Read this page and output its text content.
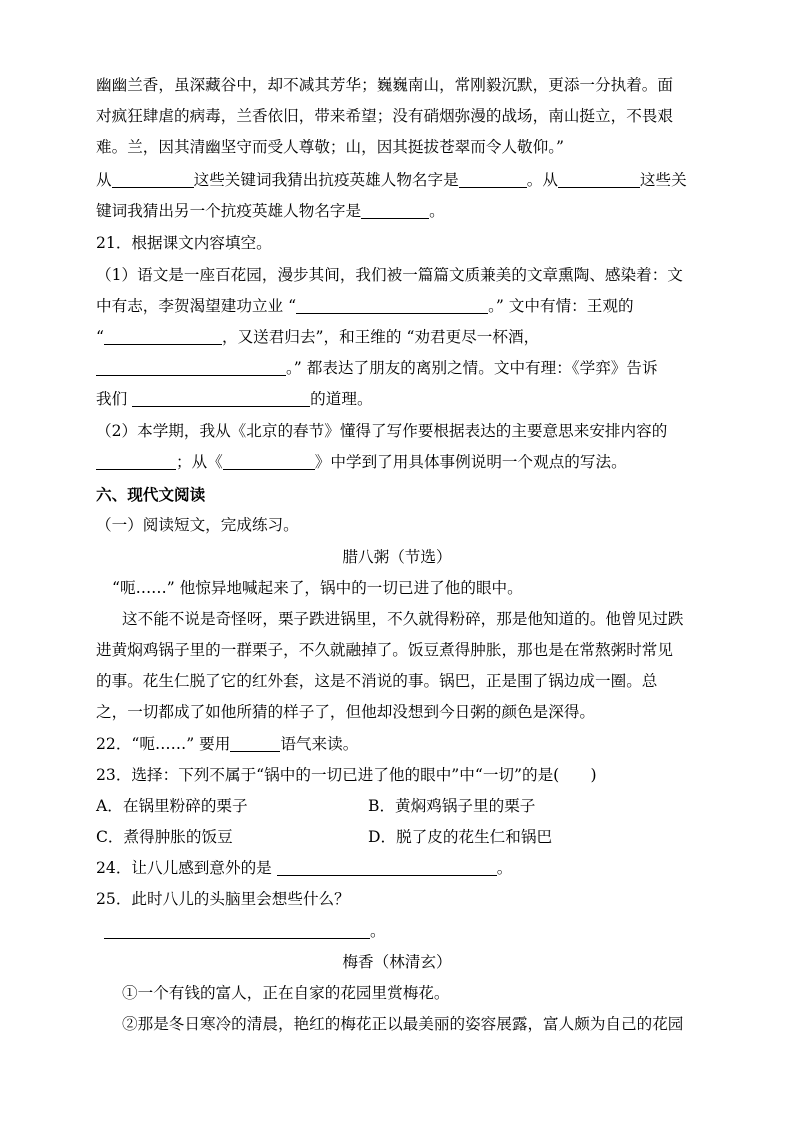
幽幽兰香，虽深藏谷中，却不减其芳华；巍巍南山，常刚毅沉默，更添一分执着。面
对疯狂肆虐的病毒，兰香依旧，带来希望；没有硝烟弥漫的战场，南山挺立，不畏艰
难。兰，因其清幽坚守而受人尊敬；山，因其挺拔苍翠而令人敬仰。”
从	这些关键词我猜出抗疫英雄人物名字是	。从	这些关
键词我猜出另一个抗疫英雄人物名字是	。
21．根据课文内容填空。
（1）语文是一座百花园，漫步其间，我们被一篇篇文质兼美的文章熏陶、感染着：文
中有志，李贺渴望建功立业 “	。” 文中有情：王观的
“	，又送君归去”，和王维的 “劝君更尽一杯酒，
。” 都表达了朋友的离别之情。文中有理：《学弈》告诉
我们	的道理。
（2）本学期，我从《北京的春节》懂得了写作要根据表达的主要意思来安排内容的
；从《	》中学到了用具体事例说明一个观点的写法。
六、现代文阅读
（一）阅读短文，完成练习。
腊八粥（节选）
“呃……” 他惊异地喊起来了，锅中的一切已进了他的眼中。
这不能不说是奇怪呀，栗子跌进锅里，不久就得粉碎，那是他知道的。他曾见过跌
进黄焖鸡锅子里的一群栗子，不久就融掉了。饭豆煮得肿胀，那也是在常熬粥时常见
的事。花生仁脱了它的红外套，这是不消说的事。锅巴，正是围了锅边成一圈。总
之，一切都成了如他所猜的样子了，但他却没想到今日粥的颜色是深得。
22．“呃……” 要用	语气来读。
23．选择：下列不属于“锅中的一切已进了他的眼中”中“一切”的是(　　)
A．在锅里粉碎的栗子	B．黄焖鸡锅子里的栗子
C．煮得肿胀的饭豆	D．脱了皮的花生仁和锅巴
24．让八儿感到意外的是	。
25．此时八儿的头脑里会想些什么？
。
梅香（林清玄）
①一个有钱的富人，正在自家的花园里赏梅花。
②那是冬日寒冷的清晨，艳红的梅花正以最美丽的姿容展露，富人颇为自己的花园
